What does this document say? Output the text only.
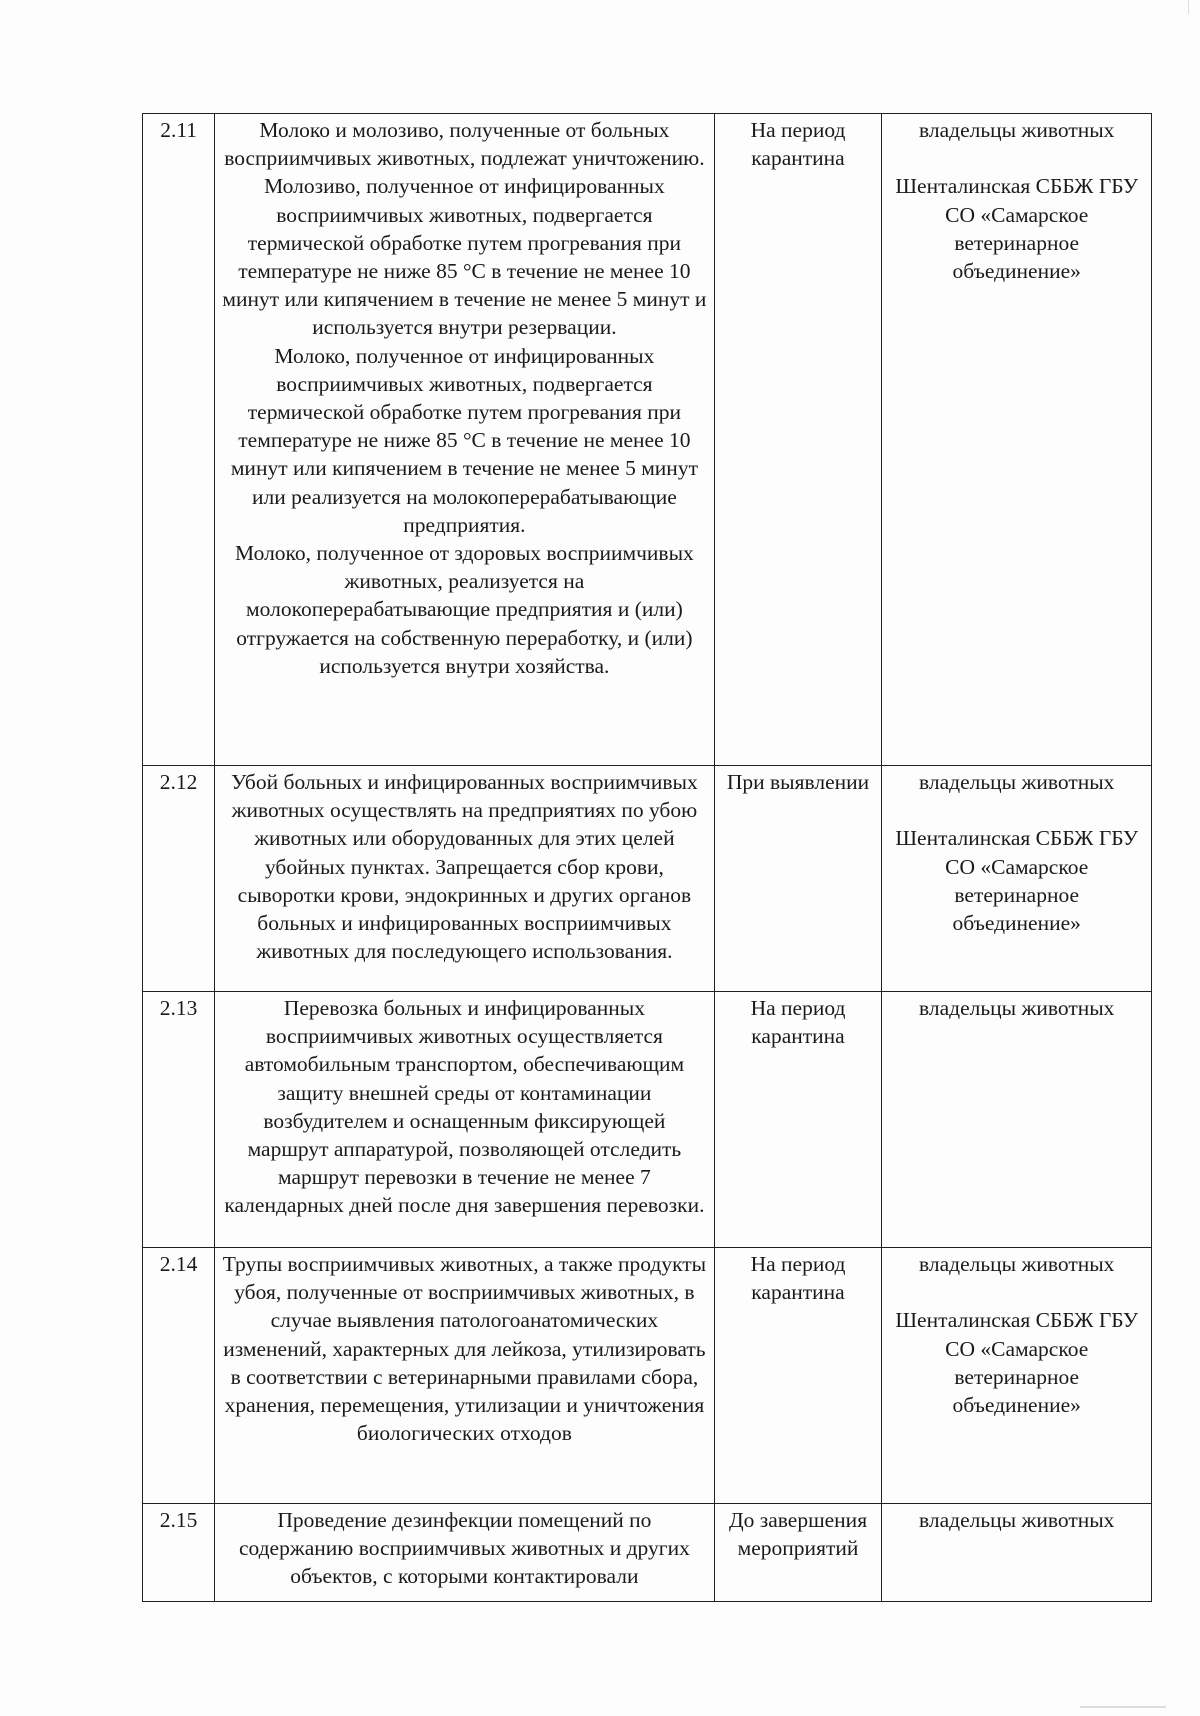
2.11	Молоко и молозиво, полученные от больных восприимчивых животных, подлежат уничтожению. Молозиво, полученное от инфицированных восприимчивых животных, подвергается термической обработке путем прогревания при температуре не ниже 85 °С в течение не менее 10 минут или кипячением в течение не менее 5 минут и используется внутри резервации.
Молоко, полученное от инфицированных восприимчивых животных, подвергается термической обработке путем прогревания при температуре не ниже 85 °С в течение не менее 10 минут или кипячением в течение не менее 5 минут или реализуется на молокоперерабатывающие предприятия.
Молоко, полученное от здоровых восприимчивых животных, реализуется на молокоперерабатывающие предприятия и (или) отгружается на собственную переработку, и (или) используется внутри хозяйства.	На период карантина	владельцы животных

Шенталинская СББЖ ГБУ СО «Самарское ветеринарное объединение»
2.12	Убой больных и инфицированных восприимчивых животных осуществлять на предприятиях по убою животных или оборудованных для этих целей убойных пунктах. Запрещается сбор крови, сыворотки крови, эндокринных и других органов больных и инфицированных восприимчивых животных для последующего использования.	При выявлении	владельцы животных

Шенталинская СББЖ ГБУ СО «Самарское ветеринарное объединение»
2.13	Перевозка больных и инфицированных восприимчивых животных осуществляется автомобильным транспортом, обеспечивающим защиту внешней среды от контаминации возбудителем и оснащенным фиксирующей маршрут аппаратурой, позволяющей отследить маршрут перевозки в течение не менее 7 календарных дней после дня завершения перевозки.	На период карантина	владельцы животных
2.14	Трупы восприимчивых животных, а также продукты убоя, полученные от восприимчивых животных, в случае выявления патологоанатомических изменений, характерных для лейкоза, утилизировать в соответствии с ветеринарными правилами сбора, хранения, перемещения, утилизации и уничтожения биологических отходов	На период карантина	владельцы животных

Шенталинская СББЖ ГБУ СО «Самарское ветеринарное объединение»
2.15	Проведение дезинфекции помещений по содержанию восприимчивых животных и других объектов, с которыми контактировали	До завершения мероприятий	владельцы животных
